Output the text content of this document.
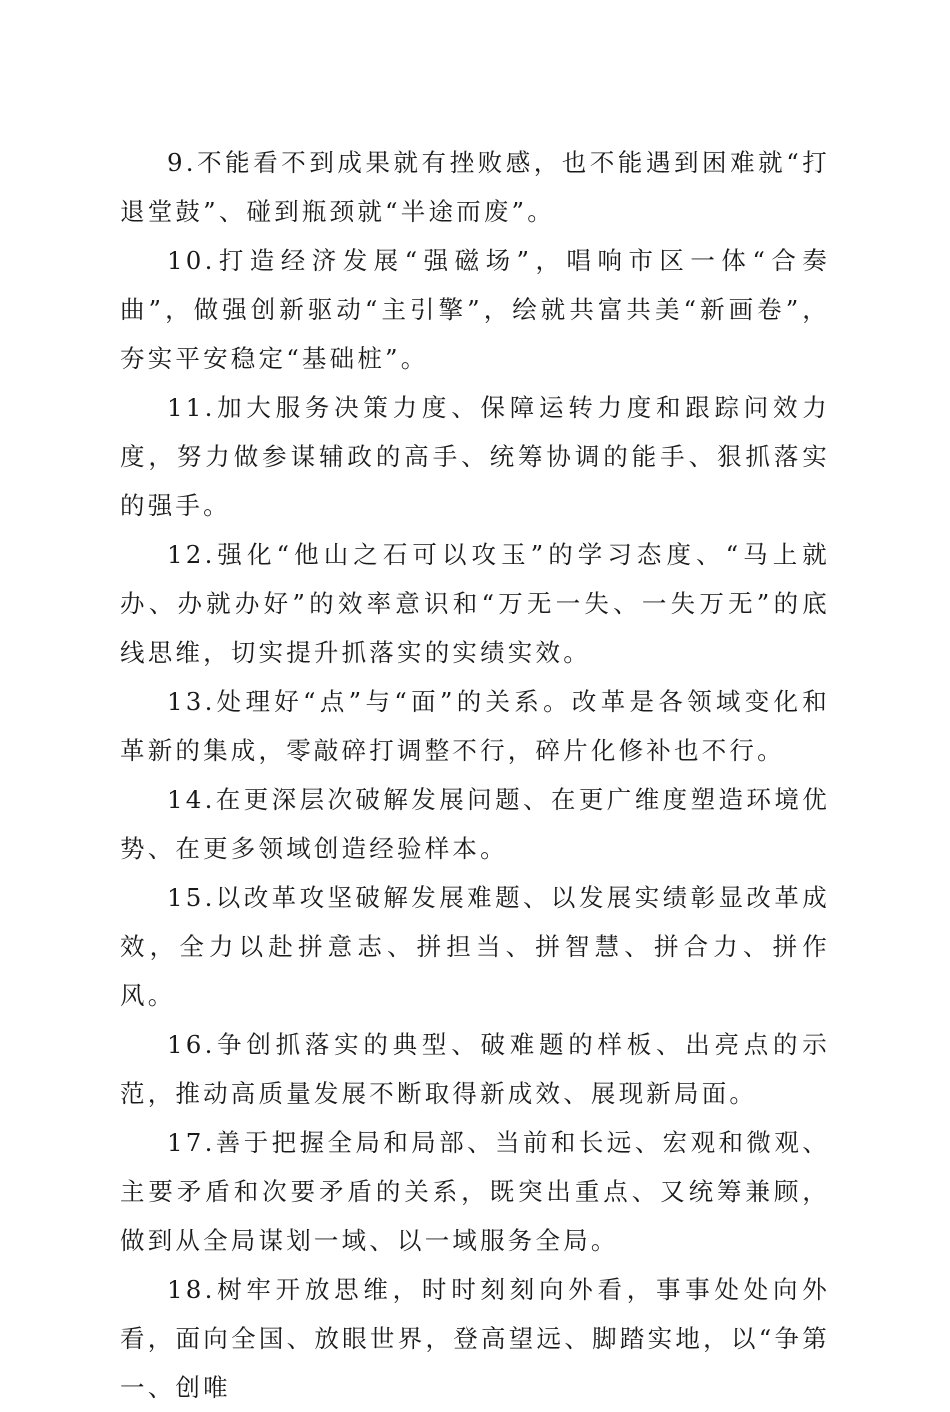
9.不能看不到成果就有挫败感，也不能遇到困难就“打退堂鼓”、碰到瓶颈就“半途而废”。

10.打造经济发展“强磁场”，唱响市区一体“合奏曲”，做强创新驱动“主引擎”，绘就共富共美“新画卷”，夯实平安稳定“基础桩”。

11.加大服务决策力度、保障运转力度和跟踪问效力度，努力做参谋辅政的高手、统筹协调的能手、狠抓落实的强手。

12.强化“他山之石可以攻玉”的学习态度、“马上就办、办就办好”的效率意识和“万无一失、一失万无”的底线思维，切实提升抓落实的实绩实效。

13.处理好“点”与“面”的关系。改革是各领域变化和革新的集成，零敲碎打调整不行，碎片化修补也不行。

14.在更深层次破解发展问题、在更广维度塑造环境优势、在更多领域创造经验样本。

15.以改革攻坚破解发展难题、以发展实绩彰显改革成效，全力以赴拼意志、拼担当、拼智慧、拼合力、拼作风。

16.争创抓落实的典型、破难题的样板、出亮点的示范，推动高质量发展不断取得新成效、展现新局面。

17.善于把握全局和局部、当前和长远、宏观和微观、主要矛盾和次要矛盾的关系，既突出重点、又统筹兼顾，做到从全局谋划一域、以一域服务全局。

18.树牢开放思维，时时刻刻向外看，事事处处向外看，面向全国、放眼世界，登高望远、脚踏实地，以“争第一、创唯
